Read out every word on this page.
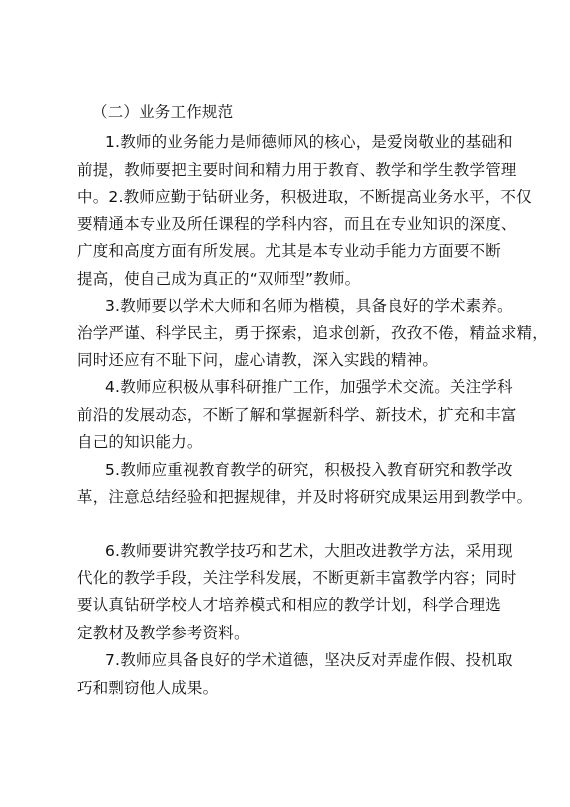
（二）业务工作规范
1.教师的业务能力是师德师风的核心，是爱岗敬业的基础和
前提，教师要把主要时间和精力用于教育、教学和学生教学管理
中。2.教师应勤于钻研业务，积极进取，不断提高业务水平，不仅
要精通本专业及所任课程的学科内容，而且在专业知识的深度、
广度和高度方面有所发展。尤其是本专业动手能力方面要不断
提高，使自己成为真正的“双师型”教师。
3.教师要以学术大师和名师为楷模，具备良好的学术素养。
治学严谨、科学民主，勇于探索，追求创新，孜孜不倦，精益求精，
同时还应有不耻下问，虚心请教，深入实践的精神。
4.教师应积极从事科研推广工作，加强学术交流。关注学科
前沿的发展动态，不断了解和掌握新科学、新技术，扩充和丰富
自己的知识能力。
5.教师应重视教育教学的研究，积极投入教育研究和教学改
革，注意总结经验和把握规律，并及时将研究成果运用到教学中。
6.教师要讲究教学技巧和艺术，大胆改进教学方法，采用现
代化的教学手段，关注学科发展，不断更新丰富教学内容；同时
要认真钻研学校人才培养模式和相应的教学计划，科学合理选
定教材及教学参考资料。
7.教师应具备良好的学术道德，坚决反对弄虚作假、投机取
巧和剽窃他人成果。
